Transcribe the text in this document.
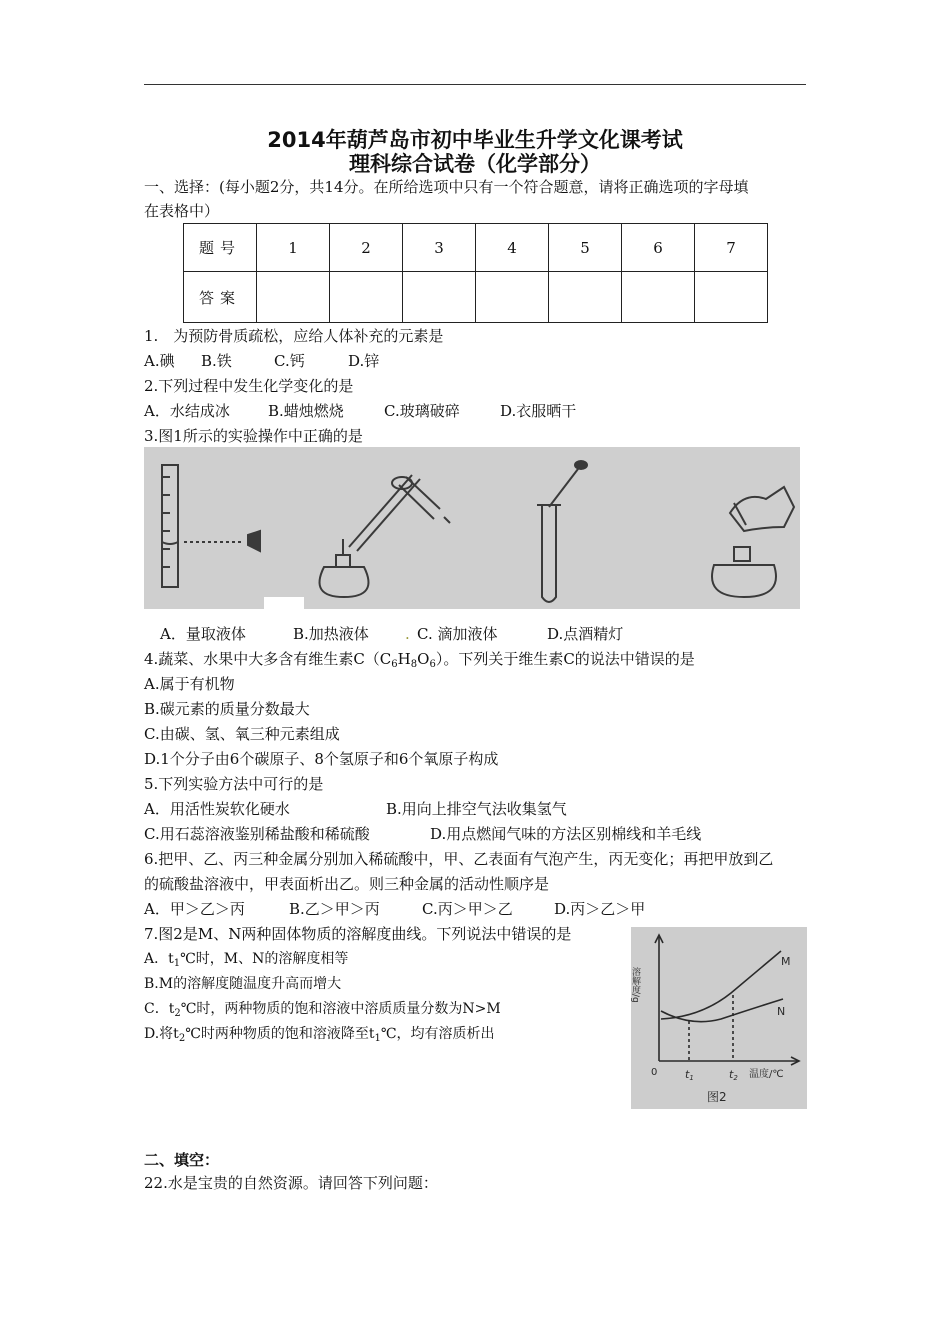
2014年葫芦岛市初中毕业生升学文化课考试
理科综合试卷（化学部分）
一、选择：(每小题2分，共14分。在所给选项中只有一个符合题意，请将正确选项的字母填
在表格中）
题号	1	2	3	4	5	6	7
答案							
1.　为预防骨质疏松，应给人体补充的元素是
A.碘 B.铁	C.钙	D.锌
2.下列过程中发生化学变化的是
A．水结成冰	B.蜡烛燃烧	C.玻璃破碎	D.衣服晒干
3.图1所示的实验操作中正确的是
A．量取液体	B.加热液体 . C. 滴加液体	D.点酒精灯
4.蔬菜、水果中大多含有维生素$C(C_6H_8O_6)$。下列关于维生素C的说法中错误的是
A.属于有机物
B.碳元素的质量分数最大
C.由碳、氢、氧三种元素组成
D.1个分子由6个碳原子、8个氢原子和6个氧原子构成
5.下列实验方法中可行的是
A．用活性炭软化硬水	B.用向上排空气法收集氢气
C.用石蕊溶液鉴别稀盐酸和稀硫酸	D.用点燃闻气味的方法区别棉线和羊毛线
6.把甲、乙、丙三种金属分别加入稀硫酸中，甲、乙表面有气泡产生，丙无变化；再把甲放到乙
的硫酸盐溶液中，甲表面析出乙。则三种金属的活动性顺序是
A．甲＞乙＞丙	B.乙＞甲＞丙	C.丙＞甲＞乙	D.丙＞乙＞甲
7.图2是M、N两种固体物质的溶解度曲线。下列说法中错误的是
A．$t_1℃$时，M、N的溶解度相等
B.M的溶解度随温度升高而增大
C．$t_2℃$时，两种物质的饱和溶液中溶质质量分数为N>M
D.将$t_2℃$时两种物质的饱和溶液降至$t_1℃$，均有溶质析出
溶解度/g
0	t1	t2 温度/℃
M
N
图2
二、填空：
22.水是宝贵的自然资源。请回答下列问题：
